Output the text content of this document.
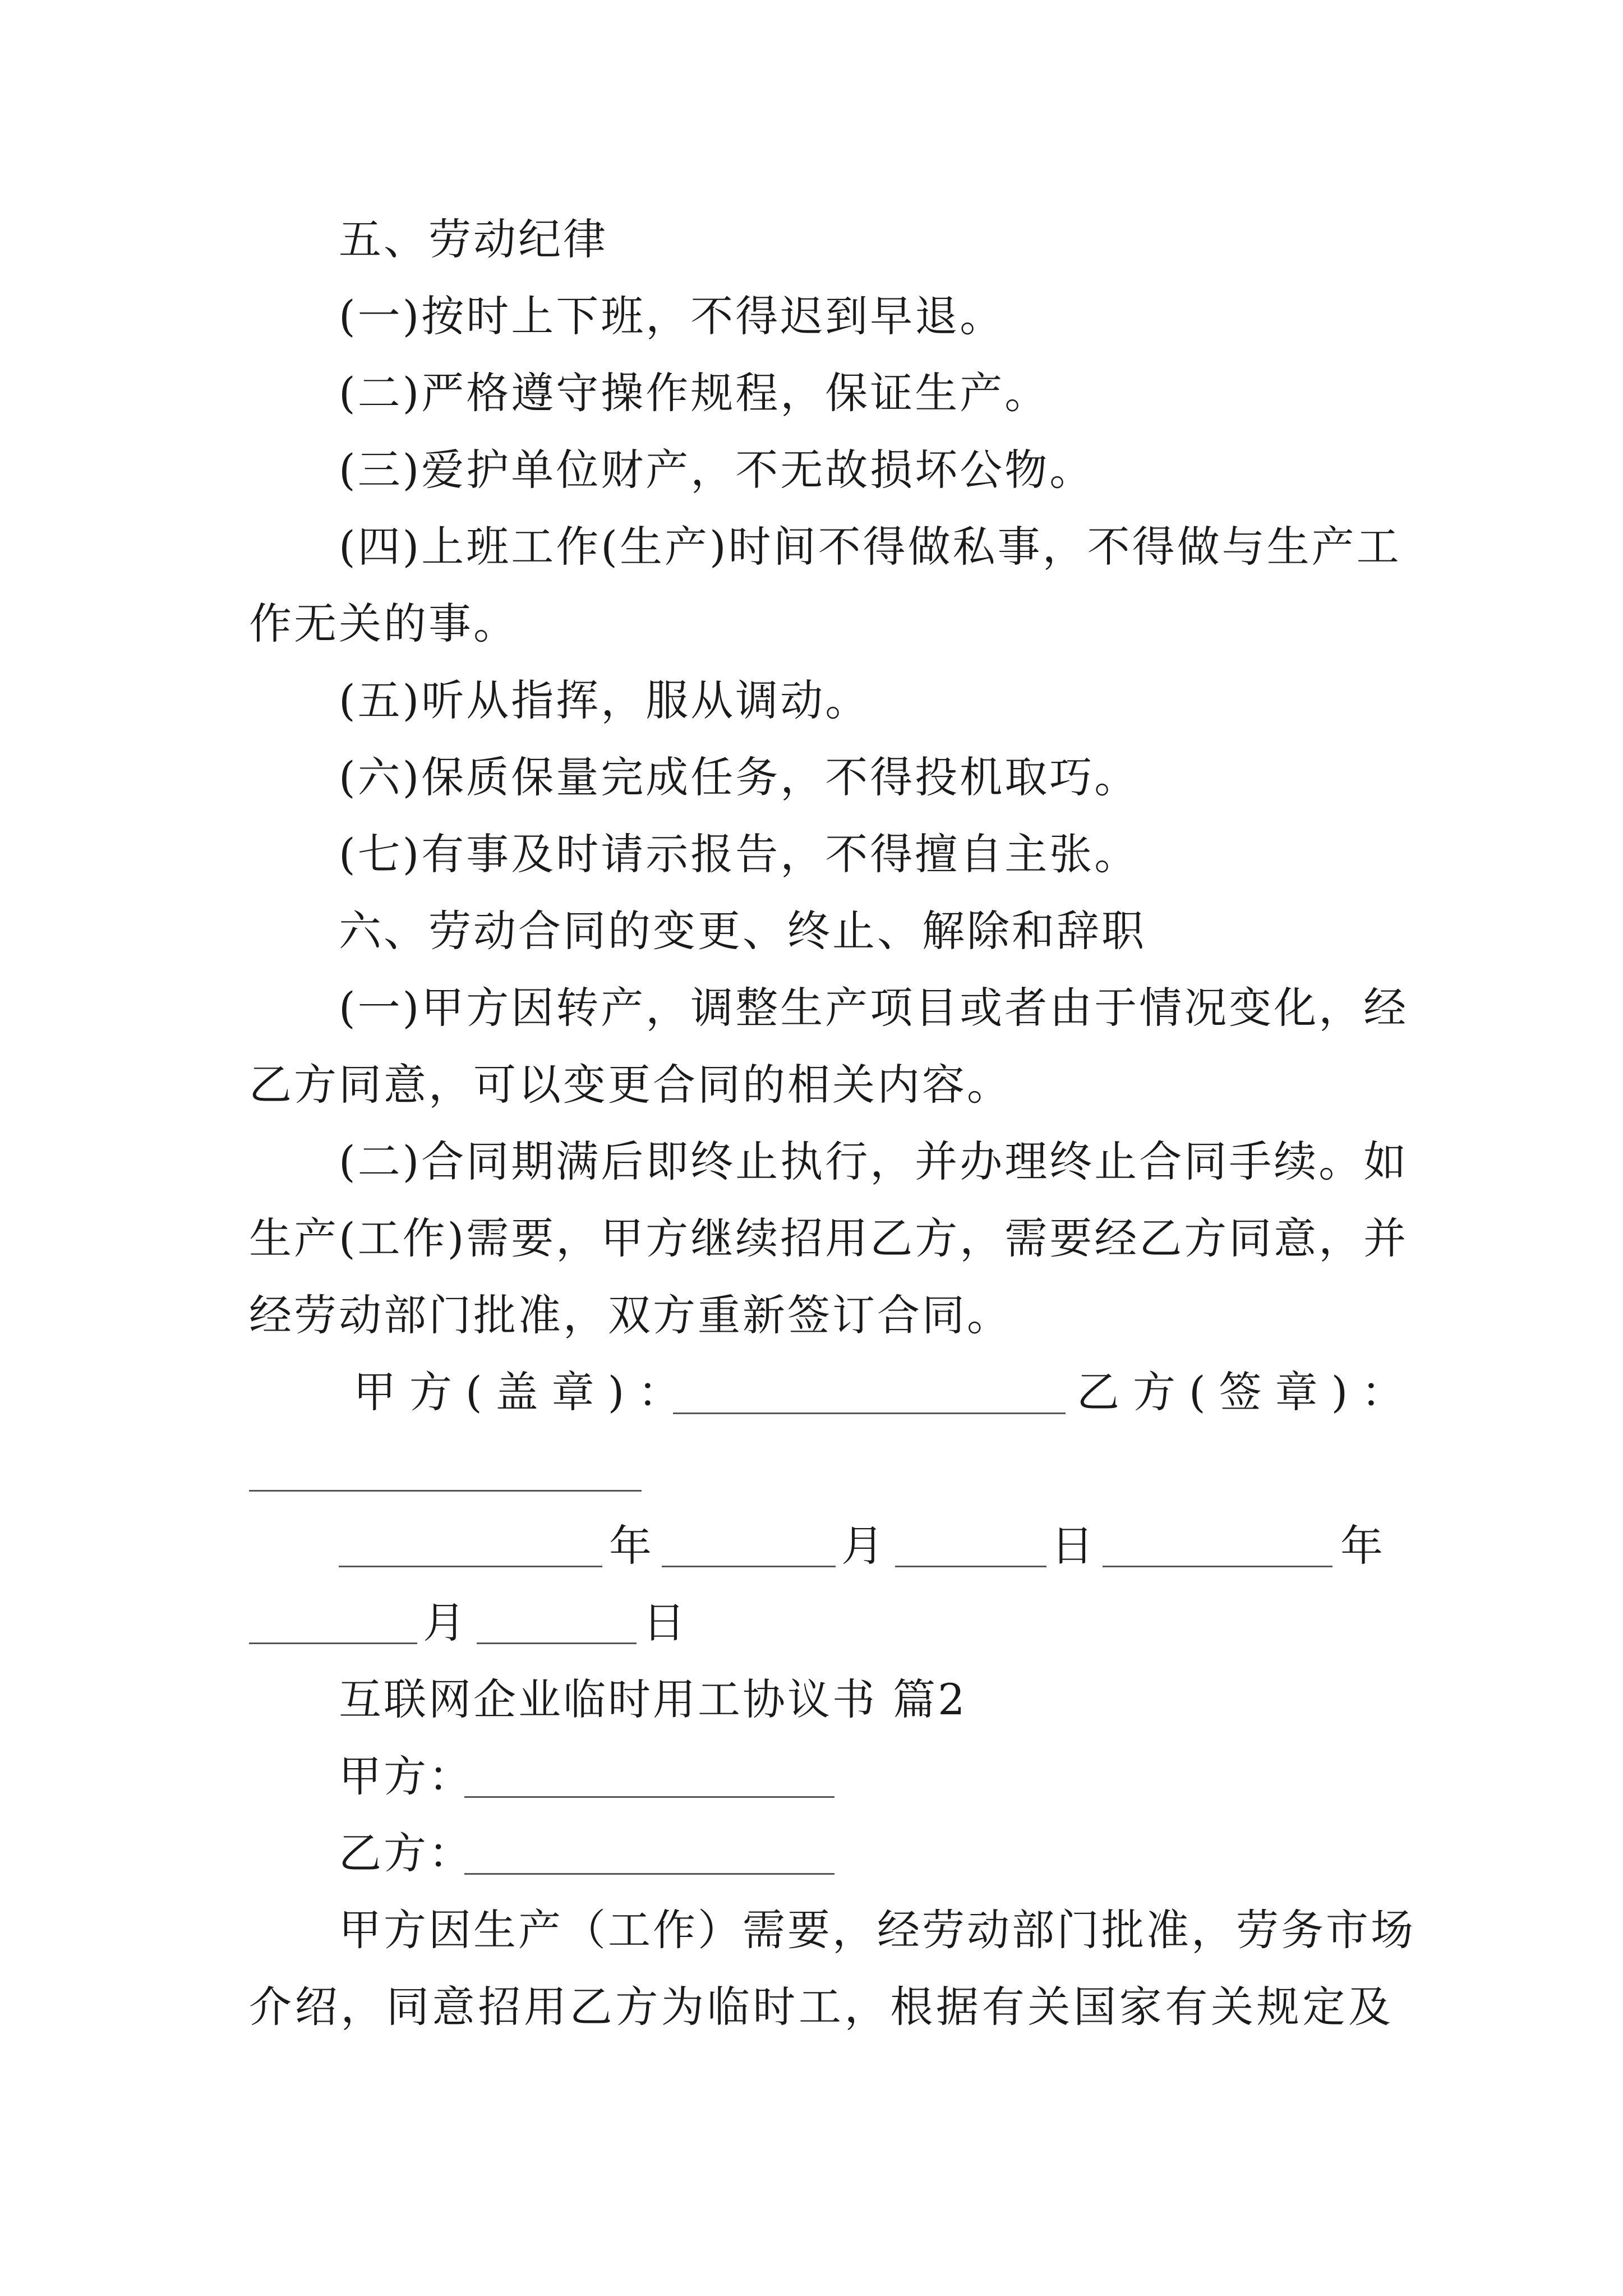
五、劳动纪律
(一)按时上下班，不得迟到早退。
(二)严格遵守操作规程，保证生产。
(三)爱护单位财产，不无故损坏公物。
(四)上班工作(生产)时间不得做私事，不得做与生产工
作无关的事。
(五)听从指挥，服从调动。
(六)保质保量完成任务，不得投机取巧。
(七)有事及时请示报告，不得擅自主张。
六、劳动合同的变更、终止、解除和辞职
(一)甲方因转产，调整生产项目或者由于情况变化，经
乙方同意，可以变更合同的相关内容。
(二)合同期满后即终止执行，并办理终止合同手续。如
生产(工作)需要，甲方继续招用乙方，需要经乙方同意，并
经劳动部门批准，双方重新签订合同。
甲方(盖章)：	乙方(签章)：
年	月	日	年
月	日
互联网企业临时用工协议书 篇2
甲方：
乙方：
甲方因生产（工作）需要，经劳动部门批准，劳务市场
介绍，同意招用乙方为临时工，根据有关国家有关规定及
